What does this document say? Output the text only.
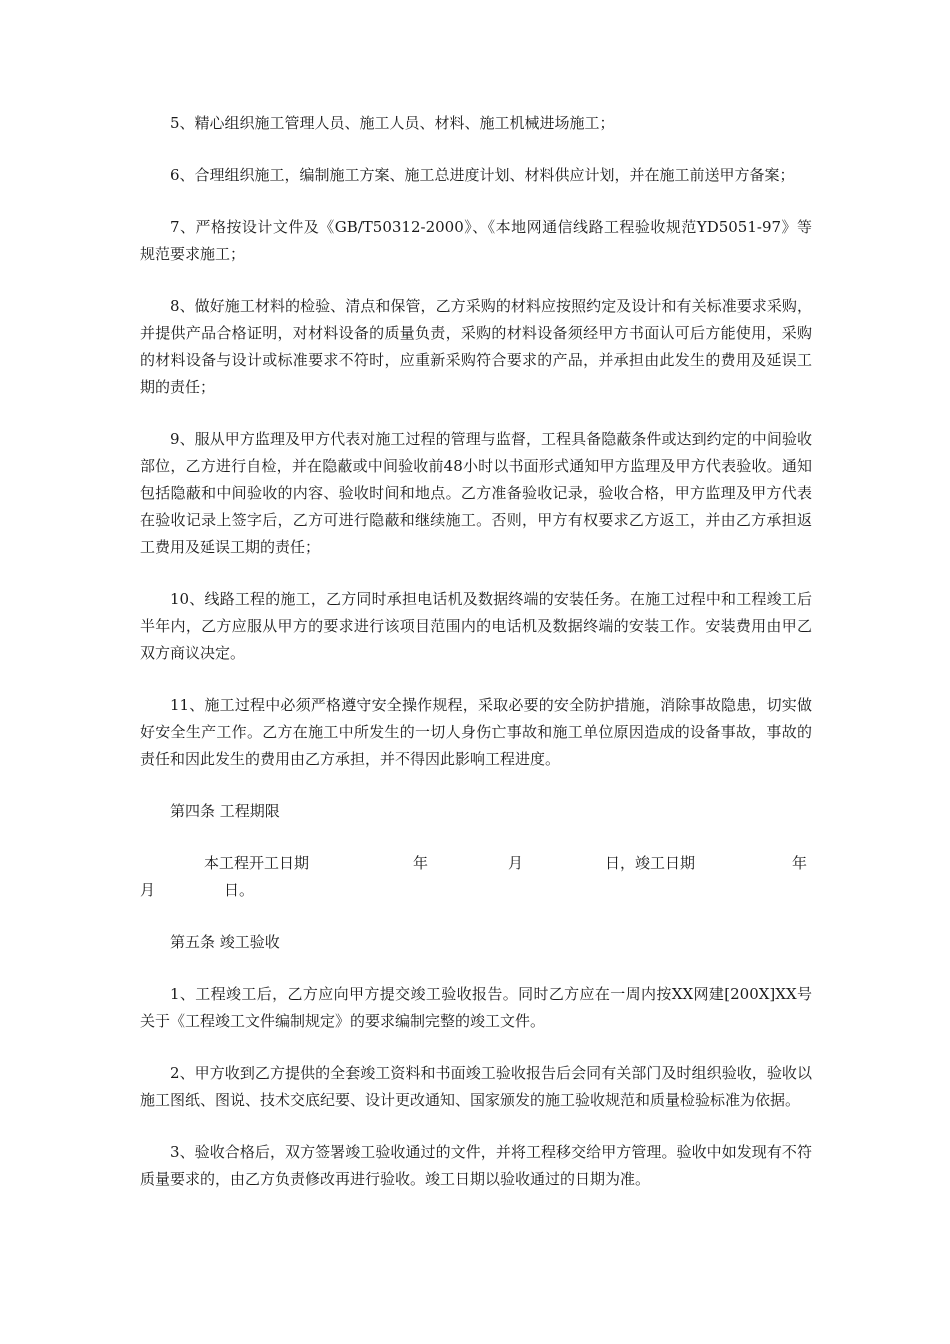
5、精心组织施工管理人员、施工人员、材料、施工机械进场施工；

6、合理组织施工，编制施工方案、施工总进度计划、材料供应计划，并在施工前送甲方备案；

7、严格按设计文件及《GB/T50312-2000》、《本地网通信线路工程验收规范YD5051-97》等规范要求施工；

8、做好施工材料的检验、清点和保管，乙方采购的材料应按照约定及设计和有关标准要求采购，并提供产品合格证明，对材料设备的质量负责，采购的材料设备须经甲方书面认可后方能使用，采购的材料设备与设计或标准要求不符时，应重新采购符合要求的产品，并承担由此发生的费用及延误工期的责任；

9、服从甲方监理及甲方代表对施工过程的管理与监督，工程具备隐蔽条件或达到约定的中间验收部位，乙方进行自检，并在隐蔽或中间验收前48小时以书面形式通知甲方监理及甲方代表验收。通知包括隐蔽和中间验收的内容、验收时间和地点。乙方准备验收记录，验收合格，甲方监理及甲方代表在验收记录上签字后，乙方可进行隐蔽和继续施工。否则，甲方有权要求乙方返工，并由乙方承担返工费用及延误工期的责任；

10、线路工程的施工，乙方同时承担电话机及数据终端的安装任务。在施工过程中和工程竣工后半年内，乙方应服从甲方的要求进行该项目范围内的电话机及数据终端的安装工作。安装费用由甲乙双方商议决定。

11、施工过程中必须严格遵守安全操作规程，采取必要的安全防护措施，消除事故隐患，切实做好安全生产工作。乙方在施工中所发生的一切人身伤亡事故和施工单位原因造成的设备事故，事故的责任和因此发生的费用由乙方承担，并不得因此影响工程进度。

第四条 工程期限

本工程开工日期	年	月	日，竣工日期	年
月	日。

第五条 竣工验收

1、工程竣工后，乙方应向甲方提交竣工验收报告。同时乙方应在一周内按XX网建[200X]XX号关于《工程竣工文件编制规定》的要求编制完整的竣工文件。

2、甲方收到乙方提供的全套竣工资料和书面竣工验收报告后会同有关部门及时组织验收，验收以施工图纸、图说、技术交底纪要、设计更改通知、国家颁发的施工验收规范和质量检验标准为依据。

3、验收合格后，双方签署竣工验收通过的文件，并将工程移交给甲方管理。验收中如发现有不符质量要求的，由乙方负责修改再进行验收。竣工日期以验收通过的日期为准。
